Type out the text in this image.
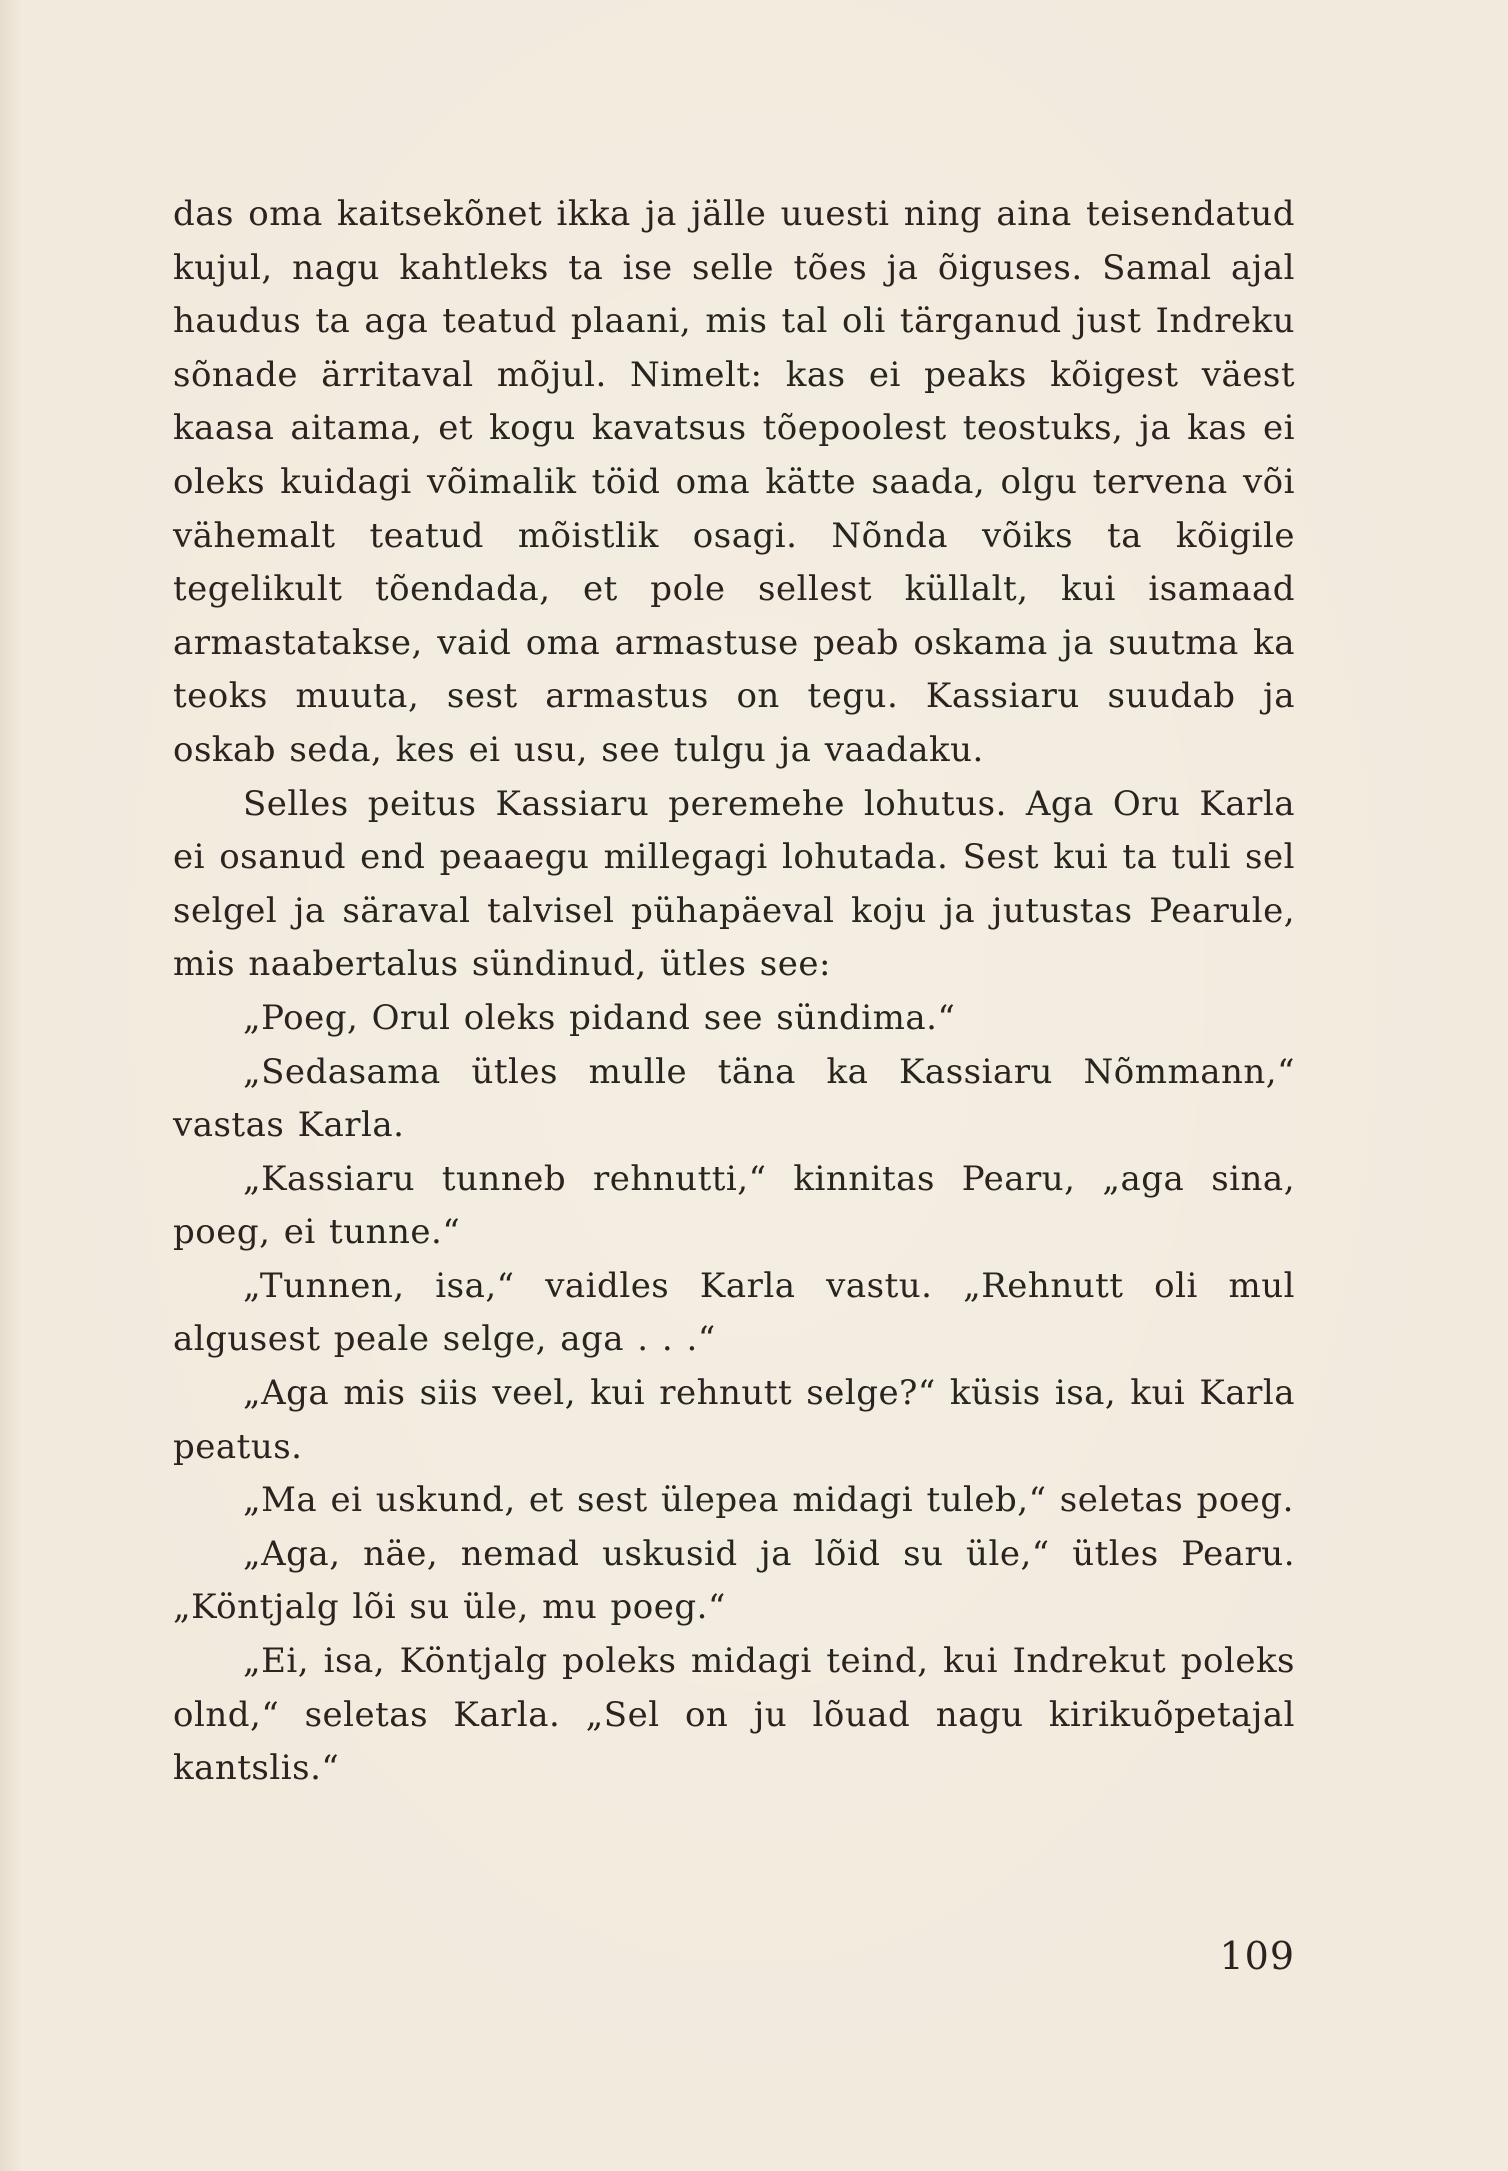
das oma kaitsekõnet ikka ja jälle uuesti ning aina teisendatud kujul, nagu kahtleks ta ise selle tões ja õiguses. Samal ajal haudus ta aga teatud plaani, mis tal oli tärganud just Indreku sõnade ärritaval mõjul. Nimelt: kas ei peaks kõigest väest kaasa aitama, et kogu kavatsus tõepoolest teostuks, ja kas ei oleks kuidagi võimalik töid oma kätte saada, olgu tervena või vähemalt teatud mõistlik osagi. Nõnda võiks ta kõigile tegelikult tõendada, et pole sellest küllalt, kui isamaad armastatakse, vaid oma armastuse peab oskama ja suutma ka teoks muuta, sest armastus on tegu. Kassiaru suudab ja oskab seda, kes ei usu, see tulgu ja vaadaku.

Selles peitus Kassiaru peremehe lohutus. Aga Oru Karla ei osanud end peaaegu millegagi lohutada. Sest kui ta tuli sel selgel ja säraval talvisel pühapäeval koju ja jutustas Pearule, mis naabertalus sündinud, ütles see:

„Poeg, Orul oleks pidand see sündima.“

„Sedasama ütles mulle täna ka Kassiaru Nõmmann,“ vastas Karla.

„Kassiaru tunneb rehnutti,“ kinnitas Pearu, „aga sina, poeg, ei tunne.“

„Tunnen, isa,“ vaidles Karla vastu. „Rehnutt oli mul algusest peale selge, aga . . .“

„Aga mis siis veel, kui rehnutt selge?“ küsis isa, kui Karla peatus.

„Ma ei uskund, et sest ülepea midagi tuleb,“ seletas poeg.

„Aga, näe, nemad uskusid ja lõid su üle,“ ütles Pearu. „Köntjalg lõi su üle, mu poeg.“

„Ei, isa, Köntjalg poleks midagi teind, kui Indrekut poleks olnd,“ seletas Karla. „Sel on ju lõuad nagu kirikuõpetajal kantslis.“

109
